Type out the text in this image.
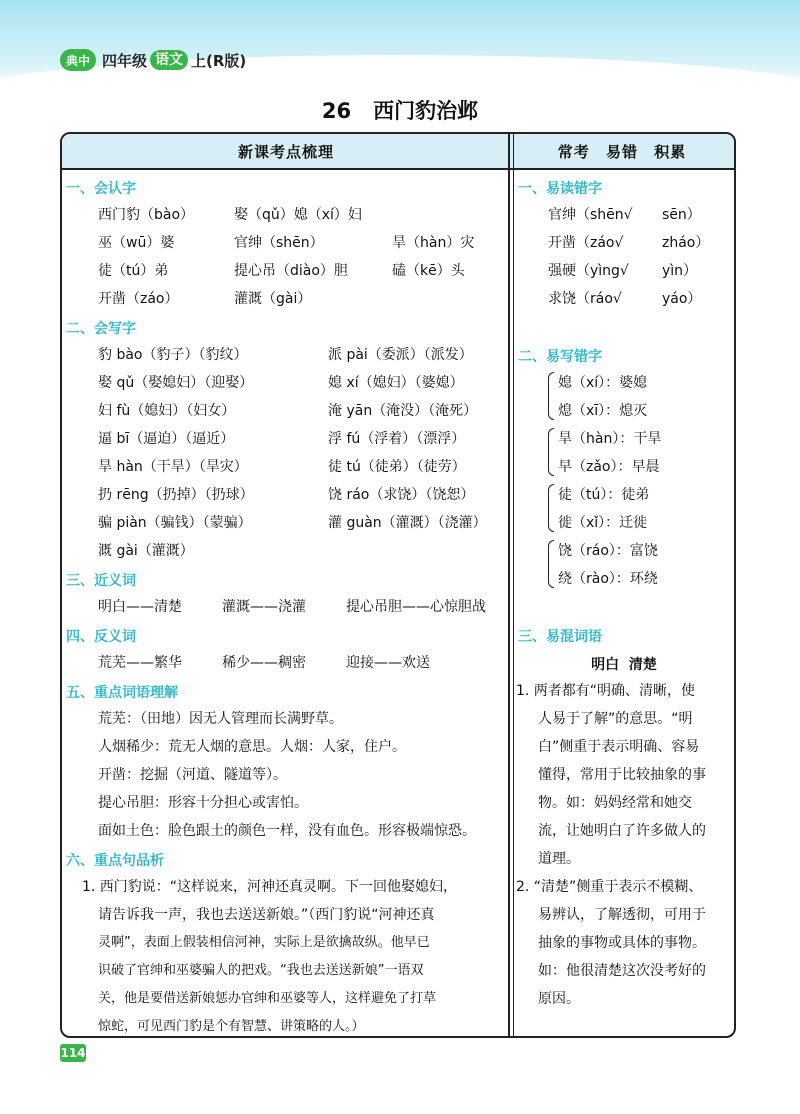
典中 四年级 语文 上(R版)
26 西门豹治邺
新课考点梳理	常考 易错 积累
一、会认字
西门豹（bào）	娶（qǔ）媳（xí）妇
巫（wū）婆	官绅（shēn）	旱（hàn）灾
徒（tú）弟	提心吊（diào）胆	磕（kē）头
开凿（záo）	灌溉（gài）
二、会写字
豹 bào（豹子）（豹纹）	派 pài（委派）（派发）
娶 qǔ（娶媳妇）（迎娶）	媳 xí（媳妇）（婆媳）
妇 fù（媳妇）（妇女）	淹 yān（淹没）（淹死）
逼 bī（逼迫）（逼近）	浮 fú（浮着）（漂浮）
旱 hàn（干旱）（旱灾）	徒 tú（徒弟）（徒劳）
扔 rēng（扔掉）（扔球）	饶 ráo（求饶）（饶恕）
骗 piàn（骗钱）（蒙骗）	灌 guàn（灌溉）（浇灌）
溉 gài（灌溉）
三、近义词
明白——清楚	灌溉——浇灌	提心吊胆——心惊胆战
四、反义词
荒芜——繁华	稀少——稠密	迎接——欢送
五、重点词语理解
荒芜：（田地）因无人管理而长满野草。
人烟稀少：荒无人烟的意思。人烟：人家，住户。
开凿：挖掘（河道、隧道等）。
提心吊胆：形容十分担心或害怕。
面如土色：脸色跟土的颜色一样，没有血色。形容极端惊恐。
六、重点句品析
1. 西门豹说：“这样说来，河神还真灵啊。下一回他娶媳妇，
请告诉我一声，我也去送送新娘。”（西门豹说“河神还真
灵啊”，表面上假装相信河神，实际上是欲擒故纵。他早已
识破了官绅和巫婆骗人的把戏。“我也去送送新娘”一语双
关，他是要借送新娘惩办官绅和巫婆等人，这样避免了打草
惊蛇，可见西门豹是个有智慧、讲策略的人。）
一、易读错字
官绅（shēn√ sēn）
开凿（záo√	zháo）
强硬（yìng√ yìn）
求饶（ráo√	yáo）
二、易写错字
媳（xí）：婆媳
熄（xī）：熄灭
旱（hàn）：干旱
早（zǎo）：早晨
徒（tú）：徒弟
徙（xǐ）：迁徙
饶（ráo）：富饶
绕（rào）：环绕
三、易混词语
明白  清楚
1. 两者都有“明确、清晰，使
人易于了解”的意思。“明
白”侧重于表示明确、容易
懂得，常用于比较抽象的事
物。如：妈妈经常和她交
流，让她明白了许多做人的
道理。
2. “清楚”侧重于表示不模糊、
易辨认，了解透彻，可用于
抽象的事物或具体的事物。
如：他很清楚这次没考好的
原因。
114
